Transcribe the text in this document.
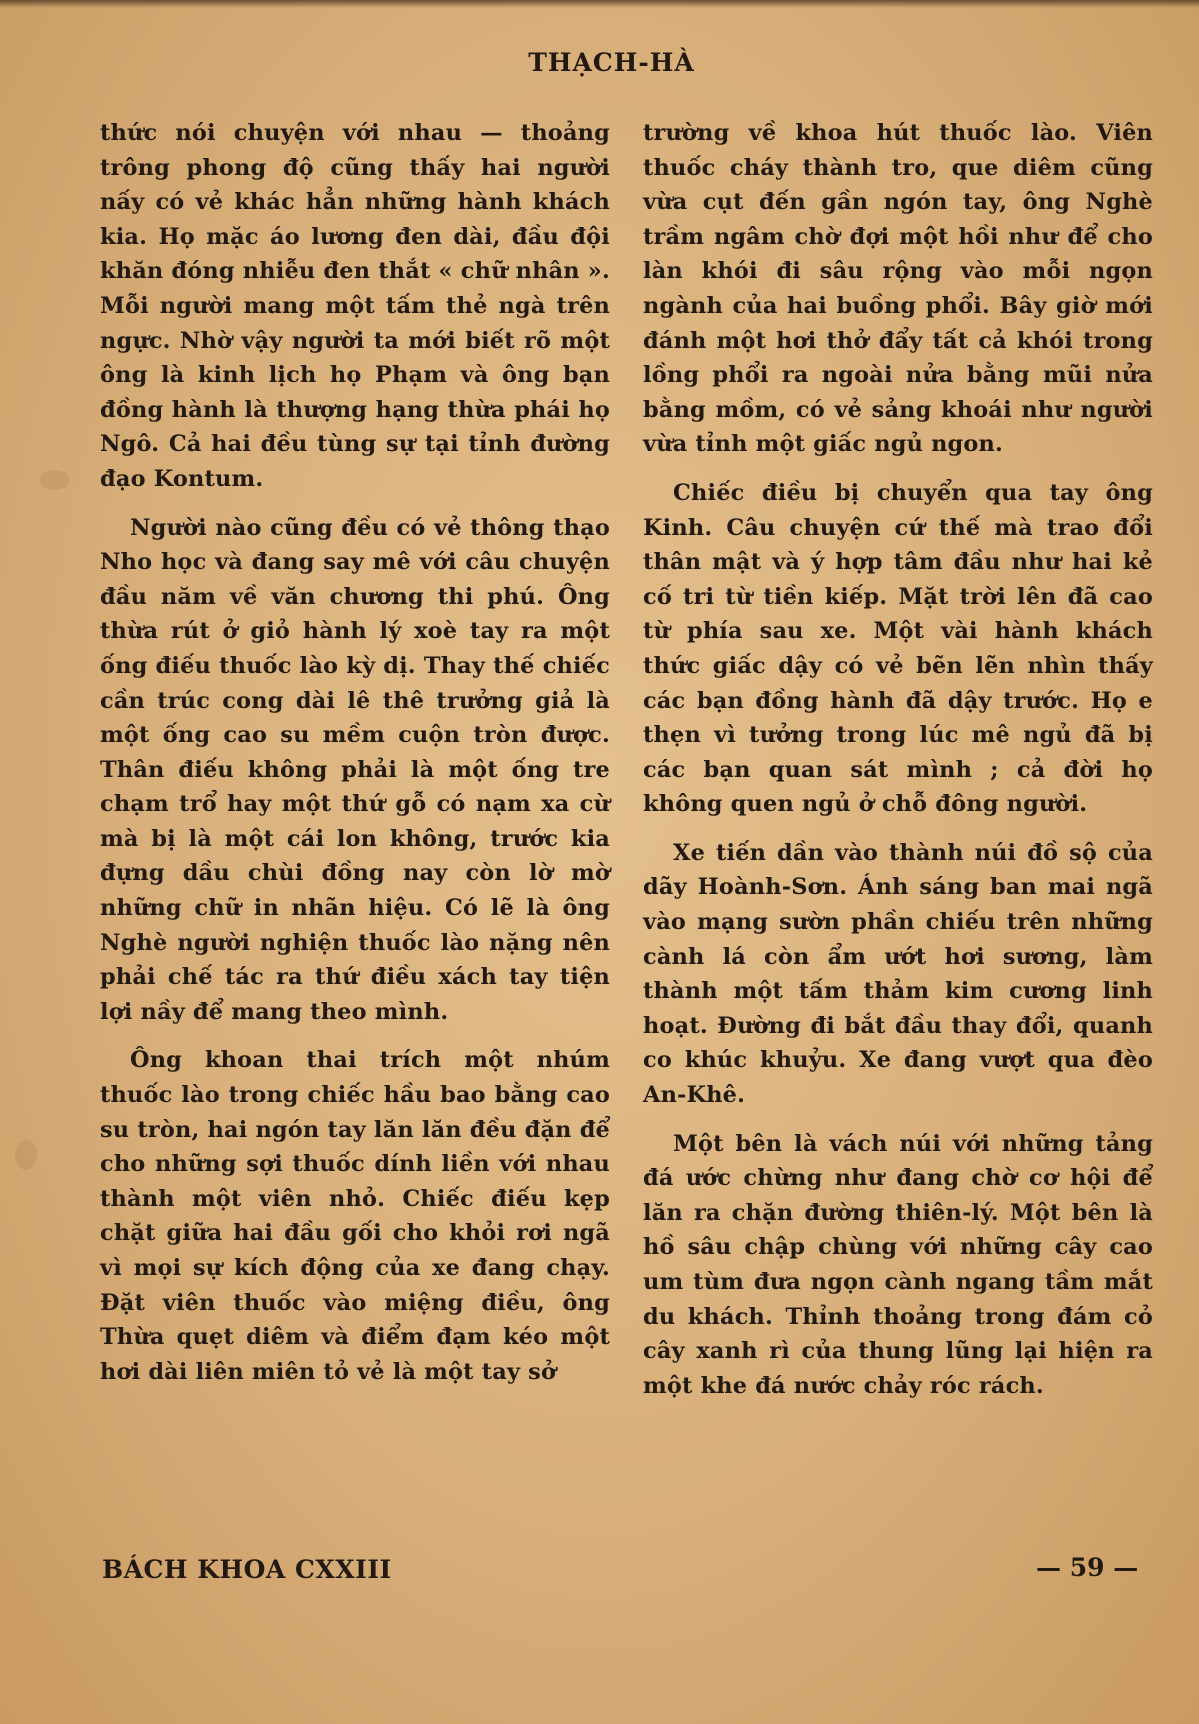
THẠCH-HÀ

thức nói chuyện với nhau — thoảng trông phong độ cũng thấy hai người nấy có vẻ khác hẳn những hành khách kia. Họ mặc áo lương đen dài, đầu đội khăn đóng nhiễu đen thắt « chữ nhân ». Mỗi người mang một tấm thẻ ngà trên ngực. Nhờ vậy người ta mới biết rõ một ông là kinh lịch họ Phạm và ông bạn đồng hành là thượng hạng thừa phái họ Ngô. Cả hai đều tùng sự tại tỉnh đường đạo Kontum.

Người nào cũng đều có vẻ thông thạo Nho học và đang say mê với câu chuyện đầu năm về văn chương thi phú. Ông thừa rút ở giỏ hành lý xoè tay ra một ống điếu thuốc lào kỳ dị. Thay thế chiếc cần trúc cong dài lê thê trưởng giả là một ống cao su mềm cuộn tròn được. Thân điếu không phải là một ống tre chạm trổ hay một thứ gỗ có nạm xa cừ mà bị là một cái lon không, trước kia đựng dầu chùi đồng nay còn lờ mờ những chữ in nhãn hiệu. Có lẽ là ông Nghè người nghiện thuốc lào nặng nên phải chế tác ra thứ điều xách tay tiện lợi nầy để mang theo mình.

Ông khoan thai trích một nhúm thuốc lào trong chiếc hầu bao bằng cao su tròn, hai ngón tay lăn lăn đều đặn để cho những sợi thuốc dính liền với nhau thành một viên nhỏ. Chiếc điếu kẹp chặt giữa hai đầu gối cho khỏi rơi ngã vì mọi sự kích động của xe đang chạy. Đặt viên thuốc vào miệng điều, ông Thừa quẹt diêm và điểm đạm kéo một hơi dài liên miên tỏ vẻ là một tay sở

trường về khoa hút thuốc lào. Viên thuốc cháy thành tro, que diêm cũng vừa cụt đến gần ngón tay, ông Nghè trầm ngâm chờ đợi một hồi như để cho làn khói đi sâu rộng vào mỗi ngọn ngành của hai buồng phổi. Bây giờ mới đánh một hơi thở đẩy tất cả khói trong lồng phổi ra ngoài nửa bằng mũi nửa bằng mồm, có vẻ sảng khoái như người vừa tỉnh một giấc ngủ ngon.

Chiếc điều bị chuyển qua tay ông Kinh. Câu chuyện cứ thế mà trao đổi thân mật và ý hợp tâm đầu như hai kẻ cố tri từ tiền kiếp. Mặt trời lên đã cao từ phía sau xe. Một vài hành khách thức giấc dậy có vẻ bẽn lẽn nhìn thấy các bạn đồng hành đã dậy trước. Họ e thẹn vì tưởng trong lúc mê ngủ đã bị các bạn quan sát mình ; cả đời họ không quen ngủ ở chỗ đông người.

Xe tiến dần vào thành núi đồ sộ của dãy Hoành-Sơn. Ánh sáng ban mai ngã vào mạng sườn phần chiếu trên những cành lá còn ẩm ướt hơi sương, làm thành một tấm thảm kim cương linh hoạt. Đường đi bắt đầu thay đổi, quanh co khúc khuỷu. Xe đang vượt qua đèo An-Khê.

Một bên là vách núi với những tảng đá ước chừng như đang chờ cơ hội để lăn ra chặn đường thiên-lý. Một bên là hồ sâu chập chùng với những cây cao um tùm đưa ngọn cành ngang tầm mắt du khách. Thỉnh thoảng trong đám cỏ cây xanh rì của thung lũng lại hiện ra một khe đá nước chảy róc rách.

BÁCH KHOA CXXIII	— 59 —
